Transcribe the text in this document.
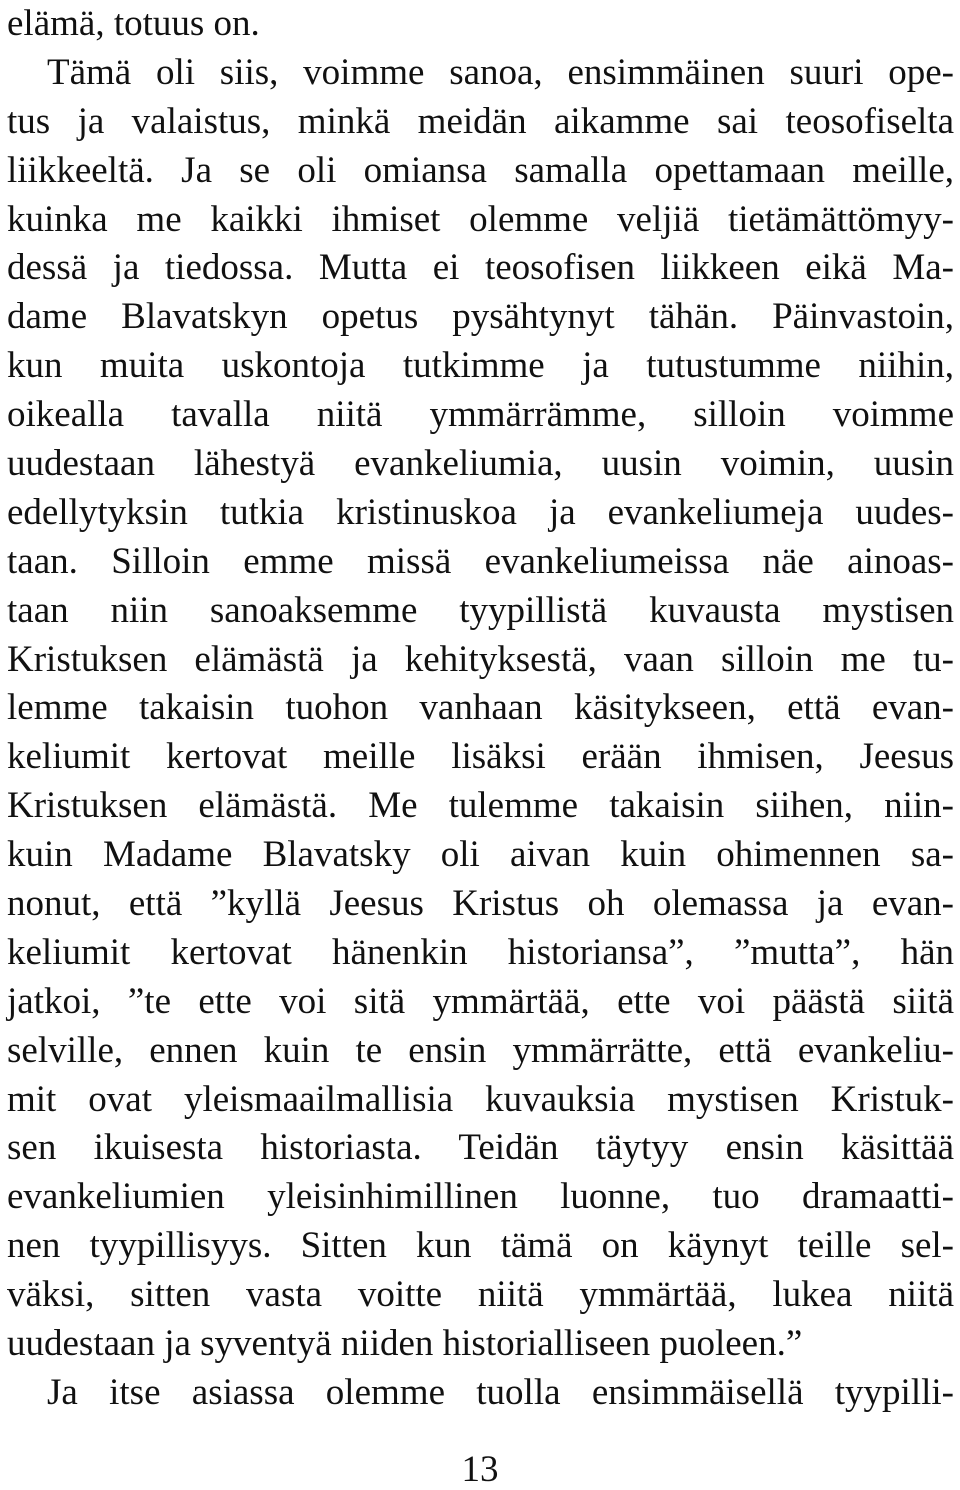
elämä, totuus on.
Tämä oli siis, voimme sanoa, ensimmäinen suuri ope-
tus ja valaistus, minkä meidän aikamme sai teosofiselta
liikkeeltä. Ja se oli omiansa samalla opettamaan meille,
kuinka me kaikki ihmiset olemme veljiä tietämättömyy-
dessä ja tiedossa. Mutta ei teosofisen liikkeen eikä Ma-
dame Blavatskyn opetus pysähtynyt tähän. Päinvastoin,
kun muita uskontoja tutkimme ja tutustumme niihin,
oikealla tavalla niitä ymmärrämme, silloin voimme
uudestaan lähestyä evankeliumia, uusin voimin, uusin
edellytyksin tutkia kristinuskoa ja evankeliumeja uudes-
taan. Silloin emme missä evankeliumeissa näe ainoas-
taan niin sanoaksemme tyypillistä kuvausta mystisen
Kristuksen elämästä ja kehityksestä, vaan silloin me tu-
lemme takaisin tuohon vanhaan käsitykseen, että evan-
keliumit kertovat meille lisäksi erään ihmisen, Jeesus
Kristuksen elämästä. Me tulemme takaisin siihen, niin-
kuin Madame Blavatsky oli aivan kuin ohimennen sa-
nonut, että ”kyllä Jeesus Kristus oh olemassa ja evan-
keliumit kertovat hänenkin historiansa”, ”mutta”, hän
jatkoi, ”te ette voi sitä ymmärtää, ette voi päästä siitä
selville, ennen kuin te ensin ymmärrätte, että evankeliu-
mit ovat yleismaailmallisia kuvauksia mystisen Kristuk-
sen ikuisesta historiasta. Teidän täytyy ensin käsittää
evankeliumien yleisinhimillinen luonne, tuo dramaatti-
nen tyypillisyys. Sitten kun tämä on käynyt teille sel-
väksi, sitten vasta voitte niitä ymmärtää, lukea niitä
uudestaan ja syventyä niiden historialliseen puoleen.”
Ja itse asiassa olemme tuolla ensimmäisellä tyypilli-
13
